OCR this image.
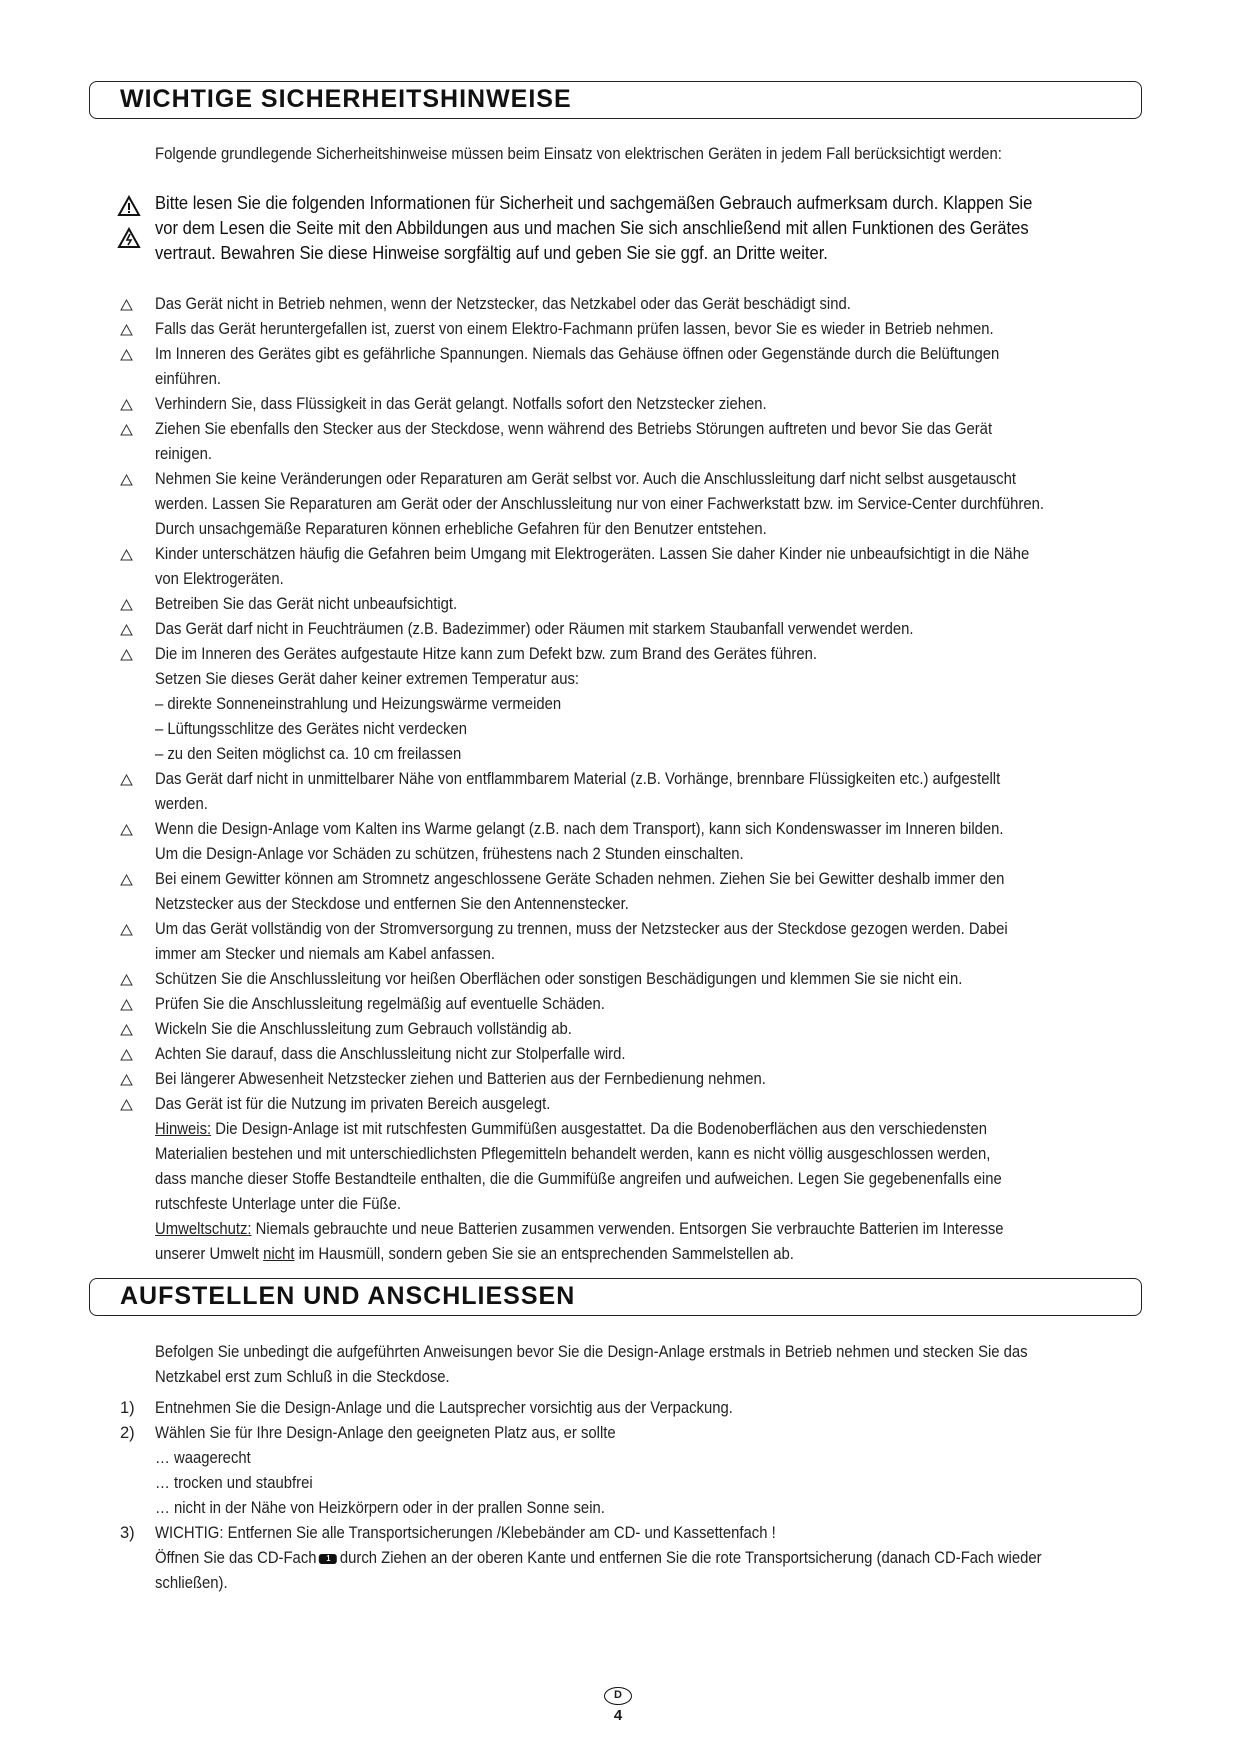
WICHTIGE SICHERHEITSHINWEISE
Folgende grundlegende Sicherheitshinweise müssen beim Einsatz von elektrischen Geräten in jedem Fall berücksichtigt werden:
Bitte lesen Sie die folgenden Informationen für Sicherheit und sachgemäßen Gebrauch aufmerksam durch. Klappen Sie
vor dem Lesen die Seite mit den Abbildungen aus und machen Sie sich anschließend mit allen Funktionen des Gerätes
vertraut. Bewahren Sie diese Hinweise sorgfältig auf und geben Sie sie ggf. an Dritte weiter.
Das Gerät nicht in Betrieb nehmen, wenn der Netzstecker, das Netzkabel oder das Gerät beschädigt sind.
Falls das Gerät heruntergefallen ist, zuerst von einem Elektro-Fachmann prüfen lassen, bevor Sie es wieder in Betrieb nehmen.
Im Inneren des Gerätes gibt es gefährliche Spannungen. Niemals das Gehäuse öffnen oder Gegenstände durch die Belüftungen
einführen.
Verhindern Sie, dass Flüssigkeit in das Gerät gelangt. Notfalls sofort den Netzstecker ziehen.
Ziehen Sie ebenfalls den Stecker aus der Steckdose, wenn während des Betriebs Störungen auftreten und bevor Sie das Gerät
reinigen.
Nehmen Sie keine Veränderungen oder Reparaturen am Gerät selbst vor. Auch die Anschlussleitung darf nicht selbst ausgetauscht
werden. Lassen Sie Reparaturen am Gerät oder der Anschlussleitung nur von einer Fachwerkstatt bzw. im Service-Center durchführen.
Durch unsachgemäße Reparaturen können erhebliche Gefahren für den Benutzer entstehen.
Kinder unterschätzen häufig die Gefahren beim Umgang mit Elektrogeräten. Lassen Sie daher Kinder nie unbeaufsichtigt in die Nähe
von Elektrogeräten.
Betreiben Sie das Gerät nicht unbeaufsichtigt.
Das Gerät darf nicht in Feuchträumen (z.B. Badezimmer) oder Räumen mit starkem Staubanfall verwendet werden.
Die im Inneren des Gerätes aufgestaute Hitze kann zum Defekt bzw. zum Brand des Gerätes führen.
Setzen Sie dieses Gerät daher keiner extremen Temperatur aus:
– direkte Sonneneinstrahlung und Heizungswärme vermeiden
– Lüftungsschlitze des Gerätes nicht verdecken
– zu den Seiten möglichst ca. 10 cm freilassen
Das Gerät darf nicht in unmittelbarer Nähe von entflammbarem Material (z.B. Vorhänge, brennbare Flüssigkeiten etc.) aufgestellt
werden.
Wenn die Design-Anlage vom Kalten ins Warme gelangt (z.B. nach dem Transport), kann sich Kondenswasser im Inneren bilden.
Um die Design-Anlage vor Schäden zu schützen, frühestens nach 2 Stunden einschalten.
Bei einem Gewitter können am Stromnetz angeschlossene Geräte Schaden nehmen. Ziehen Sie bei Gewitter deshalb immer den
Netzstecker aus der Steckdose und entfernen Sie den Antennenstecker.
Um das Gerät vollständig von der Stromversorgung zu trennen, muss der Netzstecker aus der Steckdose gezogen werden. Dabei
immer am Stecker und niemals am Kabel anfassen.
Schützen Sie die Anschlussleitung vor heißen Oberflächen oder sonstigen Beschädigungen und klemmen Sie sie nicht ein.
Prüfen Sie die Anschlussleitung regelmäßig auf eventuelle Schäden.
Wickeln Sie die Anschlussleitung zum Gebrauch vollständig ab.
Achten Sie darauf, dass die Anschlussleitung nicht zur Stolperfalle wird.
Bei längerer Abwesenheit Netzstecker ziehen und Batterien aus der Fernbedienung nehmen.
Das Gerät ist für die Nutzung im privaten Bereich ausgelegt.
Hinweis: Die Design-Anlage ist mit rutschfesten Gummifüßen ausgestattet. Da die Bodenoberflächen aus den verschiedensten
Materialien bestehen und mit unterschiedlichsten Pflegemitteln behandelt werden, kann es nicht völlig ausgeschlossen werden,
dass manche dieser Stoffe Bestandteile enthalten, die die Gummifüße angreifen und aufweichen. Legen Sie gegebenenfalls eine
rutschfeste Unterlage unter die Füße.
Umweltschutz: Niemals gebrauchte und neue Batterien zusammen verwenden. Entsorgen Sie verbrauchte Batterien im Interesse
unserer Umwelt nicht im Hausmüll, sondern geben Sie sie an entsprechenden Sammelstellen ab.
AUFSTELLEN UND ANSCHLIESSEN
Befolgen Sie unbedingt die aufgeführten Anweisungen bevor Sie die Design-Anlage erstmals in Betrieb nehmen und stecken Sie das
Netzkabel erst zum Schluß in die Steckdose.
1) Entnehmen Sie die Design-Anlage und die Lautsprecher vorsichtig aus der Verpackung.
2) Wählen Sie für Ihre Design-Anlage den geeigneten Platz aus, er sollte
… waagerecht
… trocken und staubfrei
… nicht in der Nähe von Heizkörpern oder in der prallen Sonne sein.
3) WICHTIG: Entfernen Sie alle Transportsicherungen /Klebebänder am CD- und Kassettenfach !
Öffnen Sie das CD-Fach 1 durch Ziehen an der oberen Kante und entfernen Sie die rote Transportsicherung (danach CD-Fach wieder
schließen).
D
4
